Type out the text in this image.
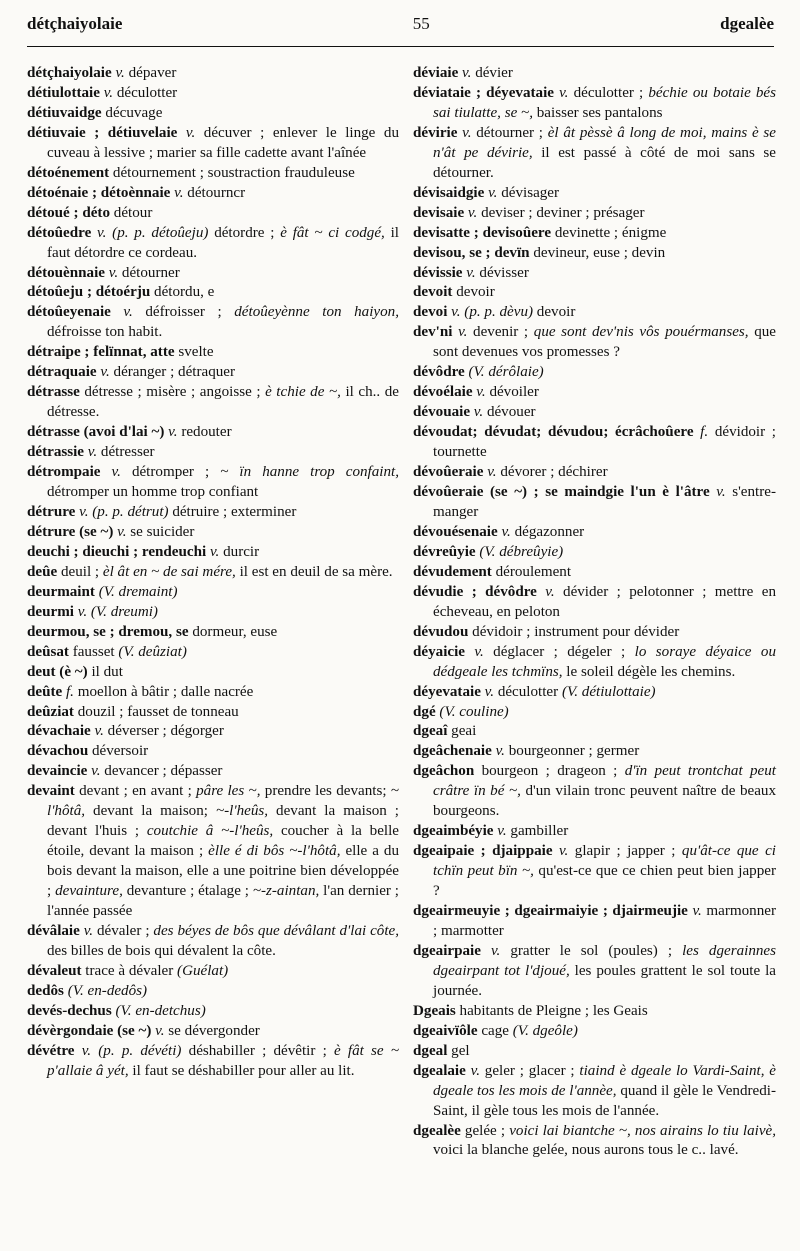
détçhaiyolaie	55	dgealèe
détçhaiyolaie v. dépaver
détiulottaie v. déculotter
détiuvaidge décuvage
détiuvaie ; détiuvelaie v. décuver ; enlever le linge du cuveau à lessive ; marier sa fille cadette avant l'aînée
détoénement détournement ; soustraction frauduleuse
détoénaie ; détoènnaie v. détourncr
détoué ; déto détour
détoûedre v. (p. p. détoûeju) détordre ; è fât ~ ci codgé, il faut détordre ce cordeau.
détouènnaie v. détourner
détoûeju ; détoérju détordu, e
détoûeyenaie v. défroisser ; détoûeyènne ton haiyon, défroisse ton habit.
détraipe ; felïnnat, atte svelte
détraquaie v. déranger ; détraquer
détrasse détresse ; misère ; angoisse ; è tchie de ~, il ch.. de détresse.
détrasse (avoi d'lai ~) v. redouter
détrassie v. détresser
détrompaie v. détromper ; ~ ïn hanne trop confaint, détromper un homme trop confiant
détrure v. (p. p. détrut) détruire ; exterminer
détrure (se ~) v. se suicider
deuchi ; dieuchi ; rendeuchi v. durcir
deûe deuil ; èl ât en ~ de sai mére, il est en deuil de sa mère.
deurmaint (V. dremaint)
deurmi v. (V. dreumi)
deurmou, se ; dremou, se dormeur, euse
deûsat fausset (V. deûziat)
deut (è ~) il dut
deûte f. moellon à bâtir ; dalle nacrée
deûziat douzil ; fausset de tonneau
dévachaie v. déverser ; dégorger
dévachou déversoir
devaincie v. devancer ; dépasser
devaint devant ; en avant ; pâre les ~, prendre les devants; ~ l'hôtâ, devant la maison; ~-l'heûs, devant la maison ; devant l'huis ; coutchie â ~-l'heûs, coucher à la belle étoile, devant la maison ; èlle é di bôs ~-l'hôtâ, elle a du bois devant la maison, elle a une poitrine bien développée ; devainture, devanture ; étalage ; ~-z-aintan, l'an dernier ; l'année passée
dévâlaie v. dévaler ; des béyes de bôs que dévâlant d'lai côte, des billes de bois qui dévalent la côte.
dévaleut trace à dévaler (Guélat)
dedôs (V. en-dedôs)
devés-dechus (V. en-detchus)
dévèrgondaie (se ~) v. se dévergonder
dévétre v. (p. p. dévéti) déshabiller ; dévêtir ; è fât se ~ p'allaie â yét, il faut se déshabiller pour aller au lit.
déviaie v. dévier
déviataie ; déyevataie v. déculotter ; béchie ou botaie bés sai tiulatte, se ~, baisser ses pantalons
dévirie v. détourner ; èl ât pèssè â long de moi, mains è se n'ât pe dévirie, il est passé à côté de moi sans se détourner.
dévisaidgie v. dévisager
devisaie v. deviser ; deviner ; présager
devisatte ; devisoûere devinette ; énigme
devisou, se ; devïn devineur, euse ; devin
dévissie v. dévisser
devoit devoir
devoi v. (p. p. dèvu) devoir
dev'ni v. devenir ; que sont dev'nis vôs pouérmanses, que sont devenues vos promesses ?
dévôdre (V. dérôlaie)
dévoélaie v. dévoiler
dévouaie v. dévouer
dévoudat; dévudat; dévudou; écrâchoûere f. dévidoir ; tournette
dévoûeraie v. dévorer ; déchirer
dévoûeraie (se ~) ; se maindgie l'un è l'âtre v. s'entre-manger
dévouésenaie v. dégazonner
dévreûyie (V. débreûyie)
dévudement déroulement
dévudie ; dévôdre v. dévider ; pelotonner ; mettre en écheveau, en peloton
dévudou dévidoir ; instrument pour dévider
déyaicie v. déglacer ; dégeler ; lo soraye déyaice ou dédgeale les tchmïns, le soleil dégèle les chemins.
déyevataie v. déculotter (V. détiulottaie)
dgé (V. couline)
dgeaî geai
dgeâchenaie v. bourgeonner ; germer
dgeâchon bourgeon ; drageon ; d'ïn peut trontchat peut crâtre ïn bé ~, d'un vilain tronc peuvent naître de beaux bourgeons.
dgeaimbéyie v. gambiller
dgeaipaie ; djaippaie v. glapir ; japper ; qu'ât-ce que ci tchïn peut bïn ~, qu'est-ce que ce chien peut bien japper ?
dgeairmeuyie ; dgeairmaiyie ; djairmeujie v. marmonner ; marmotter
dgeairpaie v. gratter le sol (poules) ; les dgerainnes dgeairpant tot l'djoué, les poules grattent le sol toute la journée.
Dgeais habitants de Pleigne ; les Geais
dgeaivïôle cage (V. dgeôle)
dgeal gel
dgealaie v. geler ; glacer ; tiaind è dgeale lo Vardi-Saint, è dgeale tos les mois de l'annèe, quand il gèle le Vendredi-Saint, il gèle tous les mois de l'année.
dgealèe gelée ; voici lai biantche ~, nos airains lo tiu laivè, voici la blanche gelée, nous aurons tous le c.. lavé.
